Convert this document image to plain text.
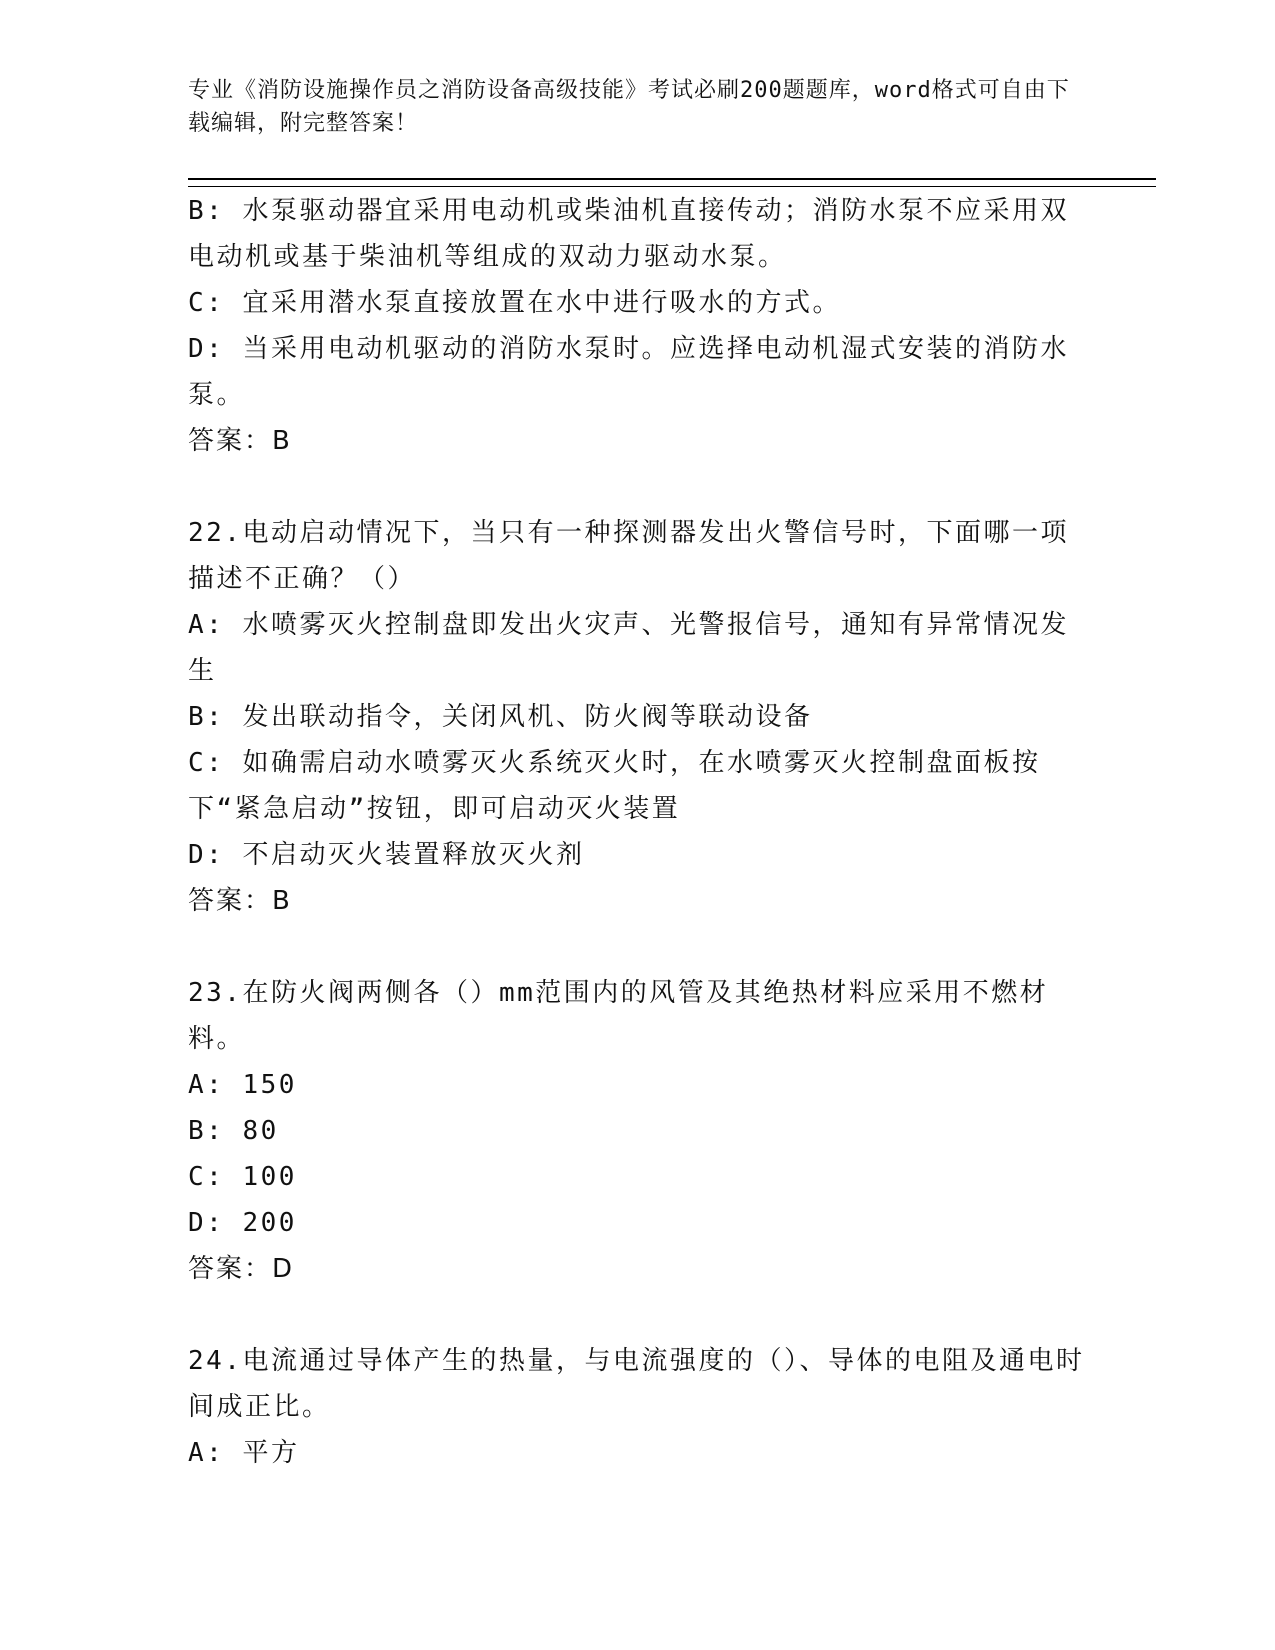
专业《消防设施操作员之消防设备高级技能》考试必刷200题题库，word格式可自由下载编辑，附完整答案！

B: 水泵驱动器宜采用电动机或柴油机直接传动；消防水泵不应采用双电动机或基于柴油机等组成的双动力驱动水泵。

C: 宜采用潜水泵直接放置在水中进行吸水的方式。

D: 当采用电动机驱动的消防水泵时。应选择电动机湿式安装的消防水泵。

答案：B

22.电动启动情况下，当只有一种探测器发出火警信号时，下面哪一项描述不正确？（）

A: 水喷雾灭火控制盘即发出火灾声、光警报信号，通知有异常情况发生

B: 发出联动指令，关闭风机、防火阀等联动设备

C: 如确需启动水喷雾灭火系统灭火时，在水喷雾灭火控制盘面板按下“紧急启动”按钮，即可启动灭火装置

D: 不启动灭火装置释放灭火剂

答案：B

23.在防火阀两侧各（）mm范围内的风管及其绝热材料应采用不燃材料。

A: 150

B: 80

C: 100

D: 200

答案：D

24.电流通过导体产生的热量，与电流强度的（）、导体的电阻及通电时间成正比。

A: 平方
